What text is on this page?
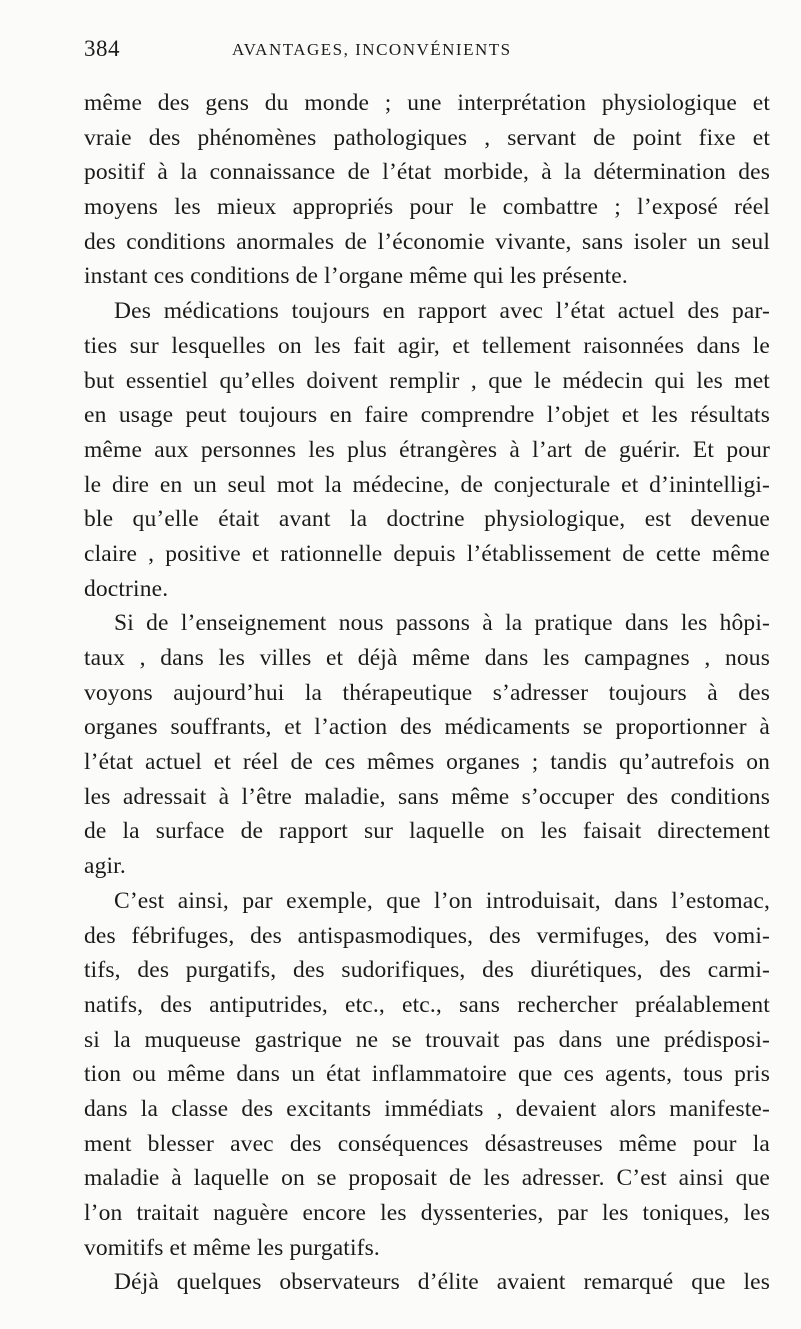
384	AVANTAGES, INCONVÉNIENTS
même des gens du monde ; une interprétation physiologique et
vraie des phénomènes pathologiques , servant de point fixe et
positif à la connaissance de l’état morbide, à la détermination des
moyens les mieux appropriés pour le combattre ; l’exposé réel
des conditions anormales de l’économie vivante, sans isoler un seul
instant ces conditions de l’organe même qui les présente.
Des médications toujours en rapport avec l’état actuel des par-
ties sur lesquelles on les fait agir, et tellement raisonnées dans le
but essentiel qu’elles doivent remplir , que le médecin qui les met
en usage peut toujours en faire comprendre l’objet et les résultats
même aux personnes les plus étrangères à l’art de guérir. Et pour
le dire en un seul mot la médecine, de conjecturale et d’inintelligi-
ble qu’elle était avant la doctrine physiologique, est devenue
claire , positive et rationnelle depuis l’établissement de cette même
doctrine.
Si de l’enseignement nous passons à la pratique dans les hôpi-
taux , dans les villes et déjà même dans les campagnes , nous
voyons aujourd’hui la thérapeutique s’adresser toujours à des
organes souffrants, et l’action des médicaments se proportionner à
l’état actuel et réel de ces mêmes organes ; tandis qu’autrefois on
les adressait à l’être maladie, sans même s’occuper des conditions
de la surface de rapport sur laquelle on les faisait directement
agir.
C’est ainsi, par exemple, que l’on introduisait, dans l’estomac,
des fébrifuges, des antispasmodiques, des vermifuges, des vomi-
tifs, des purgatifs, des sudorifiques, des diurétiques, des carmi-
natifs, des antiputrides, etc., etc., sans rechercher préalablement
si la muqueuse gastrique ne se trouvait pas dans une prédisposi-
tion ou même dans un état inflammatoire que ces agents, tous pris
dans la classe des excitants immédiats , devaient alors manifeste-
ment blesser avec des conséquences désastreuses même pour la
maladie à laquelle on se proposait de les adresser. C’est ainsi que
l’on traitait naguère encore les dyssenteries, par les toniques, les
vomitifs et même les purgatifs.
Déjà quelques observateurs d’élite avaient remarqué que les
